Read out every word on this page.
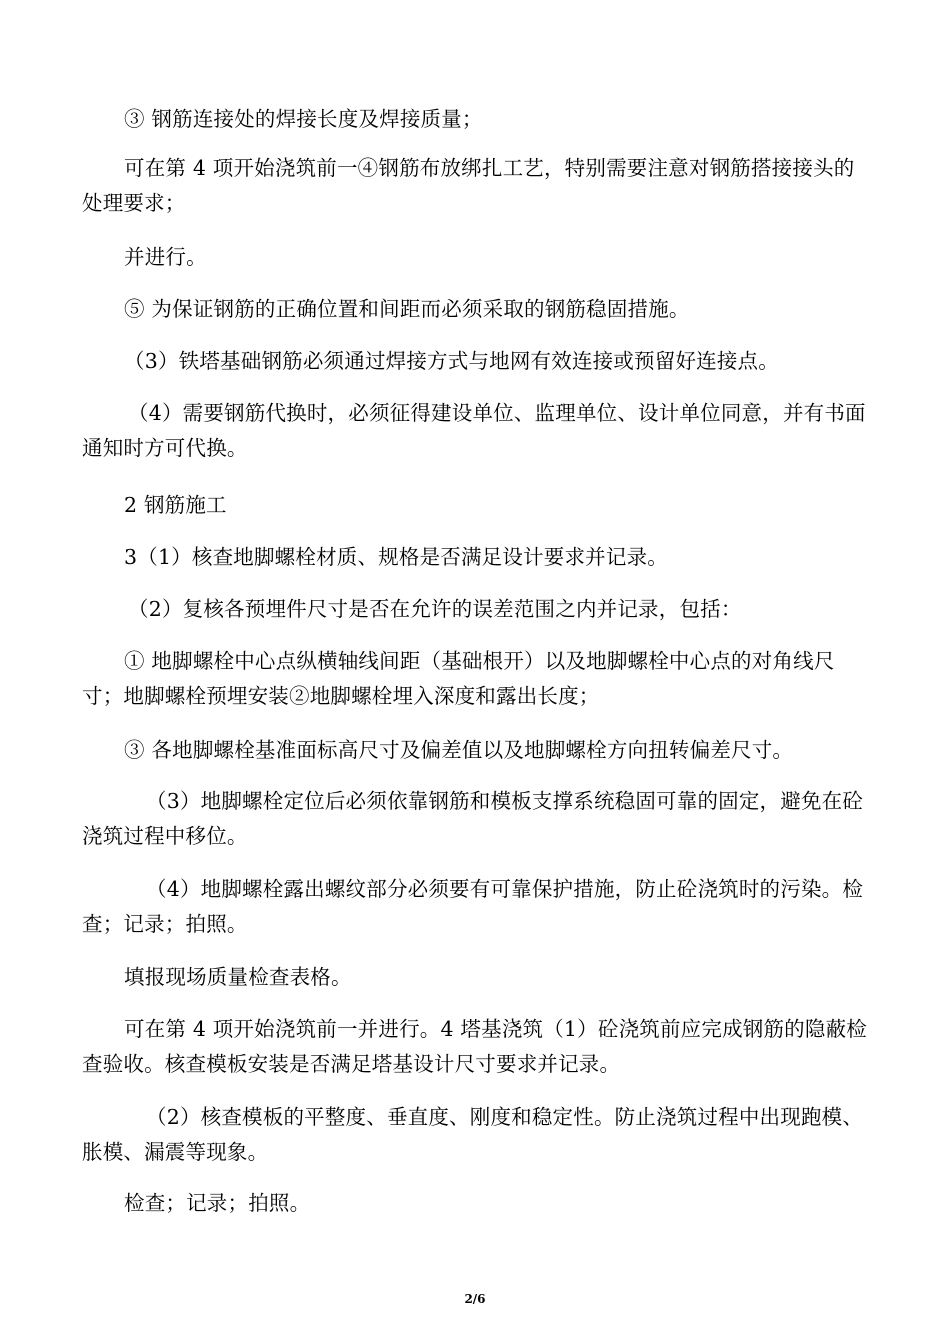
③ 钢筋连接处的焊接长度及焊接质量；

可在第 4 项开始浇筑前一④钢筋布放绑扎工艺，特别需要注意对钢筋搭接接头的处理要求；

并进行。

⑤ 为保证钢筋的正确位置和间距而必须采取的钢筋稳固措施。

（3）铁塔基础钢筋必须通过焊接方式与地网有效连接或预留好连接点。

（4）需要钢筋代换时，必须征得建设单位、监理单位、设计单位同意，并有书面通知时方可代换。

2 钢筋施工

3（1）核查地脚螺栓材质、规格是否满足设计要求并记录。

（2）复核各预埋件尺寸是否在允许的误差范围之内并记录，包括：

① 地脚螺栓中心点纵横轴线间距（基础根开）以及地脚螺栓中心点的对角线尺寸；地脚螺栓预埋安装②地脚螺栓埋入深度和露出长度；

③ 各地脚螺栓基准面标高尺寸及偏差值以及地脚螺栓方向扭转偏差尺寸。

（3）地脚螺栓定位后必须依靠钢筋和模板支撑系统稳固可靠的固定，避免在砼浇筑过程中移位。

（4）地脚螺栓露出螺纹部分必须要有可靠保护措施，防止砼浇筑时的污染。检查；记录；拍照。

填报现场质量检查表格。

可在第 4 项开始浇筑前一并进行。4 塔基浇筑（1）砼浇筑前应完成钢筋的隐蔽检查验收。核查模板安装是否满足塔基设计尺寸要求并记录。

（2）核查模板的平整度、垂直度、刚度和稳定性。防止浇筑过程中出现跑模、胀模、漏震等现象。

检查；记录；拍照。

2/6
